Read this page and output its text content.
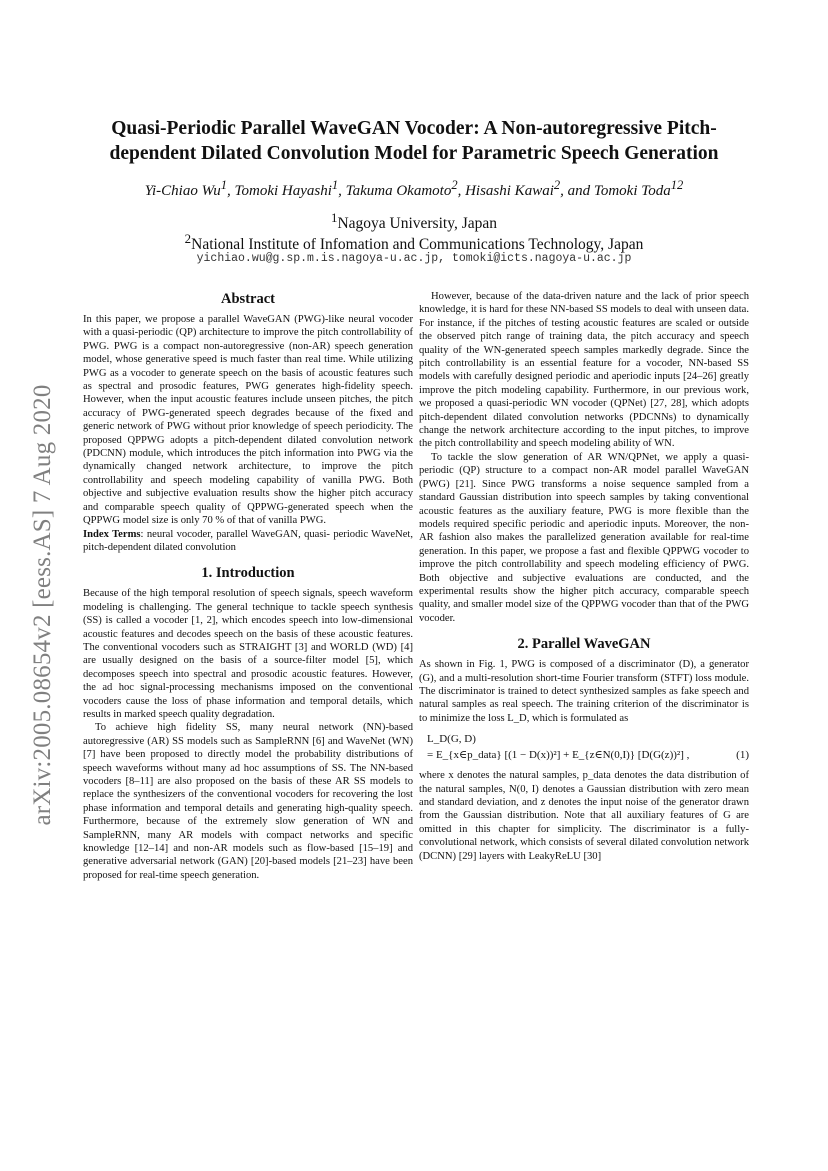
arXiv:2005.08654v2 [eess.AS] 7 Aug 2020
Quasi-Periodic Parallel WaveGAN Vocoder: A Non-autoregressive Pitch-
dependent Dilated Convolution Model for Parametric Speech Generation
Yi-Chiao Wu$^1$, Tomoki Hayashi$^1$, Takuma Okamoto$^2$, Hisashi Kawai$^2$, and Tomoki Toda$^{12}$
$^1$Nagoya University, Japan
$^2$National Institute of Infomation and Communications Technology, Japan
yichiao.wu@g.sp.m.is.nagoya-u.ac.jp, tomoki@icts.nagoya-u.ac.jp
Abstract

In this paper, we propose a parallel WaveGAN (PWG)-like neural vocoder with a quasi-periodic (QP) architecture to improve the pitch controllability of PWG. PWG is a compact non-autoregressive (non-AR) speech generation model, whose generative speed is much faster than real time. While utilizing PWG as a vocoder to generate speech on the basis of acoustic features such as spectral and prosodic features, PWG generates high-fidelity speech. However, when the input acoustic features include unseen pitches, the pitch accuracy of PWG-generated speech degrades because of the fixed and generic network of PWG without prior knowledge of speech periodicity. The proposed QPPWG adopts a pitch-dependent dilated convolution network (PDCNN) module, which introduces the pitch information into PWG via the dynamically changed network architecture, to improve the pitch controllability and speech modeling capability of vanilla PWG. Both objective and subjective evaluation results show the higher pitch accuracy and comparable speech quality of QPPWG-generated speech when the QPPWG model size is only 70 % of that of vanilla PWG.

Index Terms: neural vocoder, parallel WaveGAN, quasi- periodic WaveNet, pitch-dependent dilated convolution

1. Introduction

Because of the high temporal resolution of speech signals, speech waveform modeling is challenging. The general technique to tackle speech synthesis (SS) is called a vocoder [1, 2], which encodes speech into low-dimensional acoustic features and decodes speech on the basis of these acoustic features. The conventional vocoders such as STRAIGHT [3] and WORLD (WD) [4] are usually designed on the basis of a source-filter model [5], which decomposes speech into spectral and prosodic acoustic features. However, the ad hoc signal-processing mechanisms imposed on the conventional vocoders cause the loss of phase information and temporal details, which results in marked speech quality degradation.

To achieve high fidelity SS, many neural network (NN)-based autoregressive (AR) SS models such as SampleRNN [6] and WaveNet (WN) [7] have been proposed to directly model the probability distributions of speech waveforms without many ad hoc assumptions of SS. The NN-based vocoders [8–11] are also proposed on the basis of these AR SS models to replace the synthesizers of the conventional vocoders for recovering the lost phase information and temporal details and generating high-quality speech. Furthermore, because of the extremely slow generation of WN and SampleRNN, many AR models with compact networks and specific knowledge [12–14] and non-AR models such as flow-based [15–19] and generative adversarial network (GAN) [20]-based models [21–23] have been proposed for real-time speech generation.

However, because of the data-driven nature and the lack of prior speech knowledge, it is hard for these NN-based SS models to deal with unseen data. For instance, if the pitches of testing acoustic features are scaled or outside the observed pitch range of training data, the pitch accuracy and speech quality of the WN-generated speech samples markedly degrade. Since the pitch controllability is an essential feature for a vocoder, NN-based SS models with carefully designed periodic and aperiodic inputs [24–26] greatly improve the pitch modeling capability. Furthermore, in our previous work, we proposed a quasi-periodic WN vocoder (QPNet) [27, 28], which adopts pitch-dependent dilated convolution networks (PDCNNs) to dynamically change the network architecture according to the input pitches, to improve the pitch controllability and speech modeling ability of WN.

To tackle the slow generation of AR WN/QPNet, we apply a quasi-periodic (QP) structure to a compact non-AR model parallel WaveGAN (PWG) [21]. Since PWG transforms a noise sequence sampled from a standard Gaussian distribution into speech samples by taking conventional acoustic features as the auxiliary feature, PWG is more flexible than the models required specific periodic and aperiodic inputs. Moreover, the non-AR fashion also makes the parallelized generation available for real-time generation. In this paper, we propose a fast and flexible QPPWG vocoder to improve the pitch controllability and speech modeling efficiency of PWG. Both objective and subjective evaluations are conducted, and the experimental results show the higher pitch accuracy, comparable speech quality, and smaller model size of the QPPWG vocoder than that of the PWG vocoder.

2. Parallel WaveGAN

As shown in Fig. 1, PWG is composed of a discriminator (D), a generator (G), and a multi-resolution short-time Fourier transform (STFT) loss module. The discriminator is trained to detect synthesized samples as fake speech and natural samples as real speech. The training criterion of the discriminator is to minimize the loss L_D, which is formulated as

L_D(G, D)
= E_{x∈p_data} [(1 − D(x))²] + E_{z∈N(0,I)} [D(G(z))²] ,	(1)

where x denotes the natural samples, p_data denotes the data distribution of the natural samples, N(0, I) denotes a Gaussian distribution with zero mean and standard deviation, and z denotes the input noise of the generator drawn from the Gaussian distribution. Note that all auxiliary features of G are omitted in this chapter for simplicity. The discriminator is a fully-convolutional network, which consists of several dilated convolution network (DCNN) [29] layers with LeakyReLU [30]
